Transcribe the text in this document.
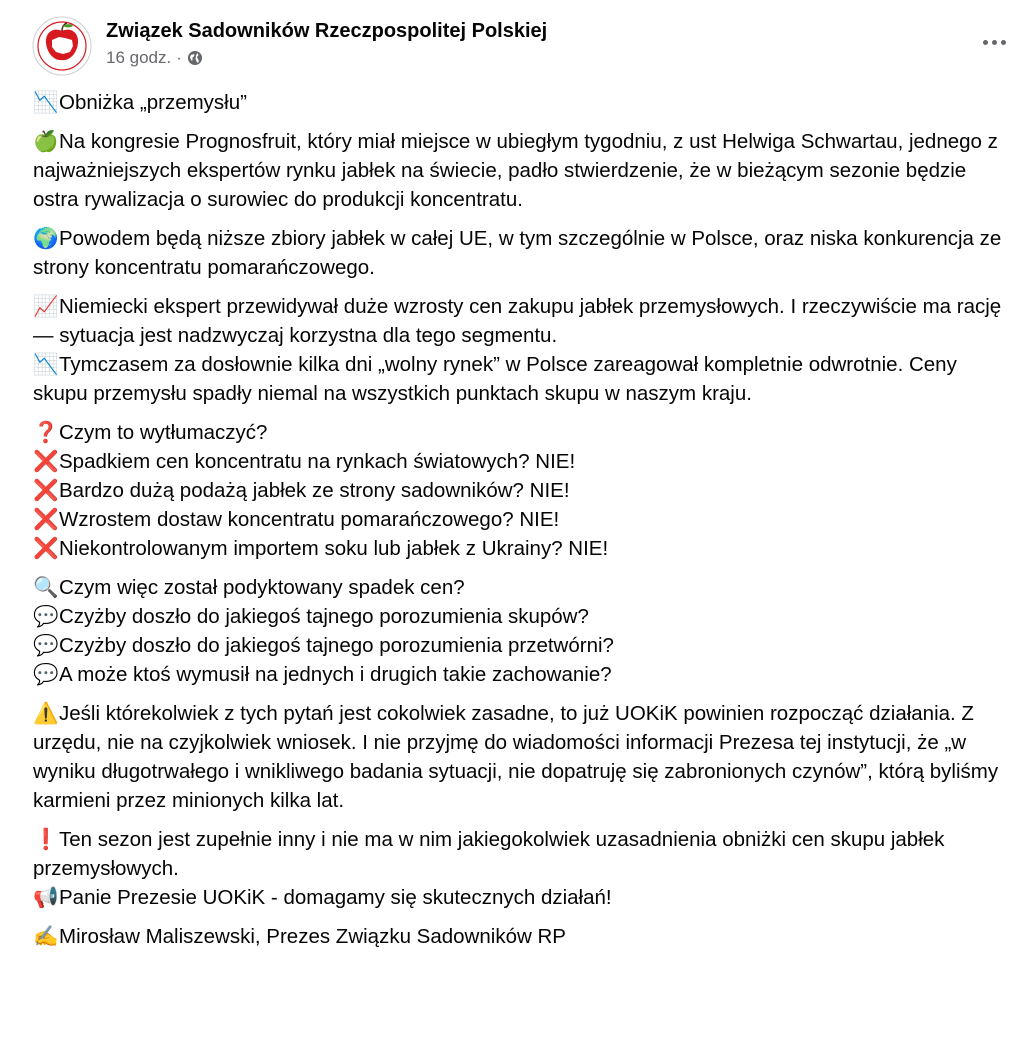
Związek Sadowników Rzeczpospolitej Polskiej
16 godz. ·
📉Obniżka „przemysłu”
🍏Na kongresie Prognosfruit, który miał miejsce w ubiegłym tygodniu, z ust Helwiga Schwartau, jednego z najważniejszych ekspertów rynku jabłek na świecie, padło stwierdzenie, że w bieżącym sezonie będzie ostra rywalizacja o surowiec do produkcji koncentratu.
🌍Powodem będą niższe zbiory jabłek w całej UE, w tym szczególnie w Polsce, oraz niska konkurencja ze strony koncentratu pomarańczowego.
📈Niemiecki ekspert przewidywał duże wzrosty cen zakupu jabłek przemysłowych. I rzeczywiście ma rację — sytuacja jest nadzwyczaj korzystna dla tego segmentu.
📉Tymczasem za dosłownie kilka dni „wolny rynek” w Polsce zareagował kompletnie odwrotnie. Ceny skupu przemysłu spadły niemal na wszystkich punktach skupu w naszym kraju.
❓Czym to wytłumaczyć?
❌Spadkiem cen koncentratu na rynkach światowych? NIE!
❌Bardzo dużą podażą jabłek ze strony sadowników? NIE!
❌Wzrostem dostaw koncentratu pomarańczowego? NIE!
❌Niekontrolowanym importem soku lub jabłek z Ukrainy? NIE!
🔍Czym więc został podyktowany spadek cen?
💬Czyżby doszło do jakiegoś tajnego porozumienia skupów?
💬Czyżby doszło do jakiegoś tajnego porozumienia przetwórni?
💬A może ktoś wymusił na jednych i drugich takie zachowanie?
⚠️Jeśli którekolwiek z tych pytań jest cokolwiek zasadne, to już UOKiK powinien rozpocząć działania. Z urzędu, nie na czyjkolwiek wniosek. I nie przyjmę do wiadomości informacji Prezesa tej instytucji, że „w wyniku długotrwałego i wnikliwego badania sytuacji, nie dopatruję się zabronionych czynów”, którą byliśmy karmieni przez minionych kilka lat.
❗Ten sezon jest zupełnie inny i nie ma w nim jakiegokolwiek uzasadnienia obniżki cen skupu jabłek przemysłowych.
📢Panie Prezesie UOKiK - domagamy się skutecznych działań!
✍️Mirosław Maliszewski, Prezes Związku Sadowników RP
